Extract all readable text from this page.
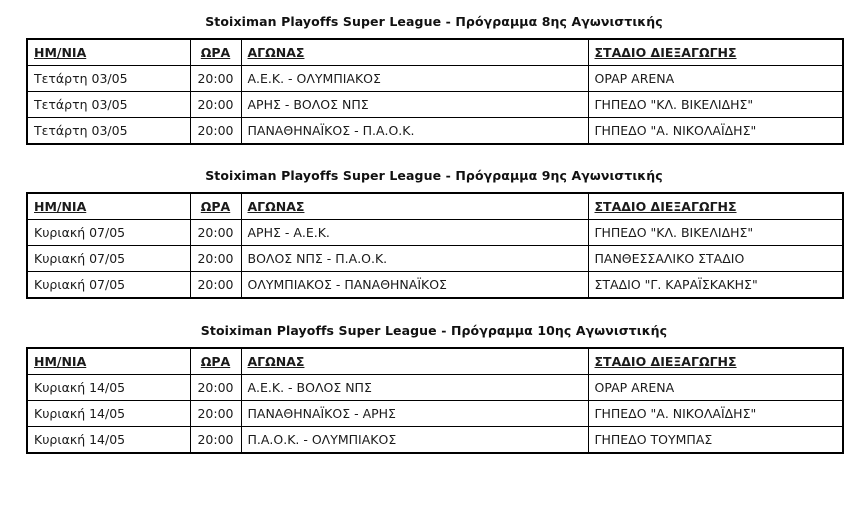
Stoiximan Playoffs Super League - Πρόγραμμα 8ης Αγωνιστικής
ΗΜ/ΝΙΑ	ΩΡΑ	ΑΓΩΝΑΣ	ΣΤΑΔΙΟ ΔΙΕΞΑΓΩΓΗΣ
Τετάρτη 03/05	20:00	Α.Ε.Κ. - ΟΛΥΜΠΙΑΚΟΣ	OPAP ARENA
Τετάρτη 03/05	20:00	ΑΡΗΣ - ΒΟΛΟΣ ΝΠΣ	ΓΗΠΕΔΟ "ΚΛ. ΒΙΚΕΛΙΔΗΣ"
Τετάρτη 03/05	20:00	ΠΑΝΑΘΗΝΑΪΚΟΣ - Π.Α.Ο.Κ.	ΓΗΠΕΔΟ "Α. ΝΙΚΟΛΑΪΔΗΣ"
Stoiximan Playoffs Super League - Πρόγραμμα 9ης Αγωνιστικής
ΗΜ/ΝΙΑ	ΩΡΑ	ΑΓΩΝΑΣ	ΣΤΑΔΙΟ ΔΙΕΞΑΓΩΓΗΣ
Κυριακή 07/05	20:00	ΑΡΗΣ - Α.Ε.Κ.	ΓΗΠΕΔΟ "ΚΛ. ΒΙΚΕΛΙΔΗΣ"
Κυριακή 07/05	20:00	ΒΟΛΟΣ ΝΠΣ - Π.Α.Ο.Κ.	ΠΑΝΘΕΣΣΑΛΙΚΟ ΣΤΑΔΙΟ
Κυριακή 07/05	20:00	ΟΛΥΜΠΙΑΚΟΣ - ΠΑΝΑΘΗΝΑΪΚΟΣ	ΣΤΑΔΙΟ "Γ. ΚΑΡΑΪΣΚΑΚΗΣ"
Stoiximan Playoffs Super League - Πρόγραμμα 10ης Αγωνιστικής
ΗΜ/ΝΙΑ	ΩΡΑ	ΑΓΩΝΑΣ	ΣΤΑΔΙΟ ΔΙΕΞΑΓΩΓΗΣ
Κυριακή 14/05	20:00	Α.Ε.Κ. - ΒΟΛΟΣ ΝΠΣ	OPAP ARENA
Κυριακή 14/05	20:00	ΠΑΝΑΘΗΝΑΪΚΟΣ - ΑΡΗΣ	ΓΗΠΕΔΟ "Α. ΝΙΚΟΛΑΪΔΗΣ"
Κυριακή 14/05	20:00	Π.Α.Ο.Κ. - ΟΛΥΜΠΙΑΚΟΣ	ΓΗΠΕΔΟ ΤΟΥΜΠΑΣ
